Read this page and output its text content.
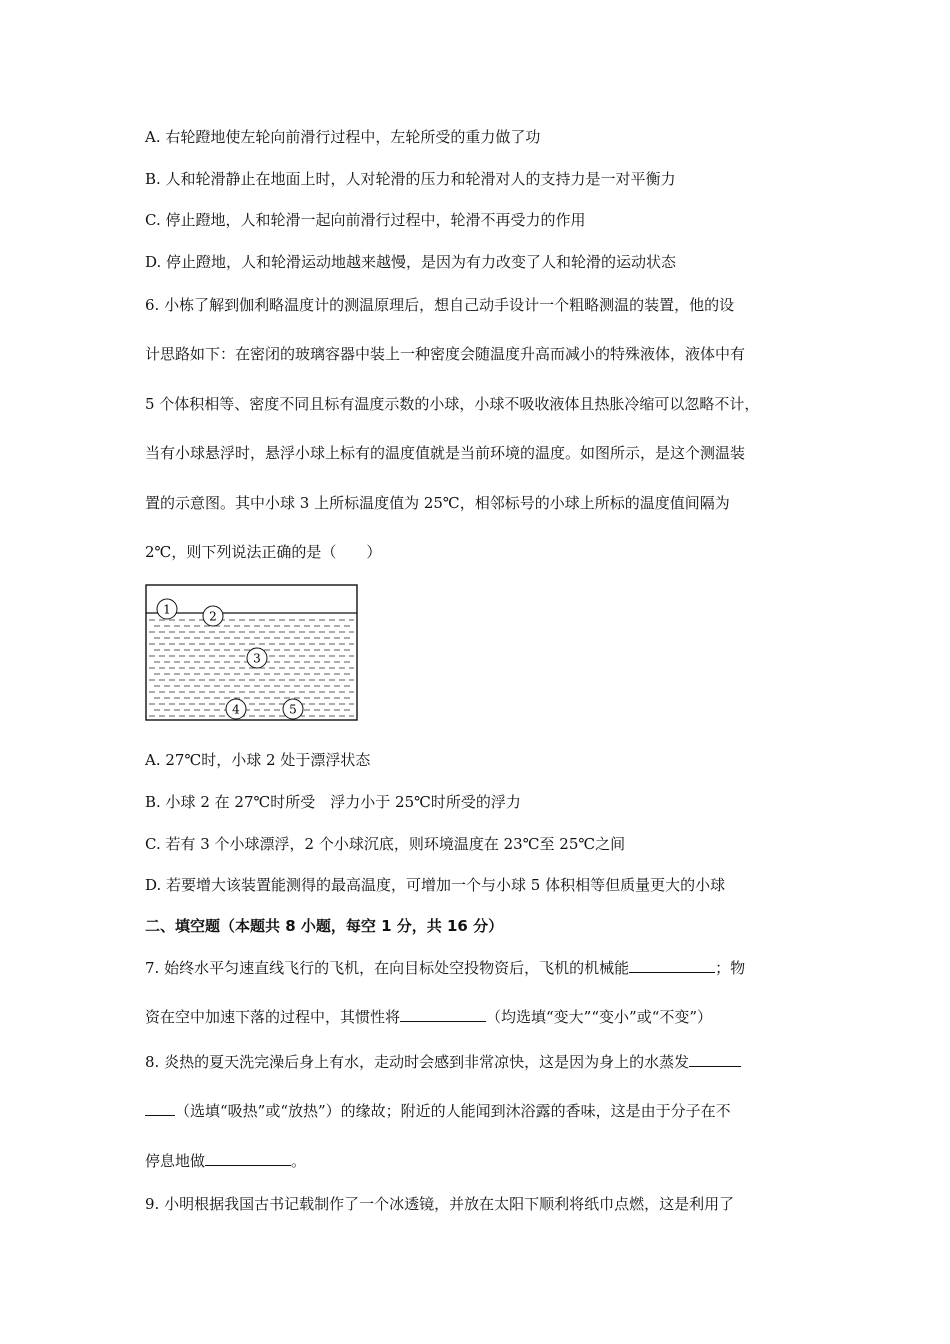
A. 右轮蹬地使左轮向前滑行过程中，左轮所受的重力做了功
B. 人和轮滑静止在地面上时，人对轮滑的压力和轮滑对人的支持力是一对平衡力
C. 停止蹬地，人和轮滑一起向前滑行过程中，轮滑不再受力的作用
D. 停止蹬地，人和轮滑运动地越来越慢，是因为有力改变了人和轮滑的运动状态
6. 小栋了解到伽利略温度计的测温原理后，想自己动手设计一个粗略测温的装置，他的设
计思路如下：在密闭的玻璃容器中装上一种密度会随温度升高而减小的特殊液体，液体中有
5 个体积相等、密度不同且标有温度示数的小球，小球不吸收液体且热胀冷缩可以忽略不计，
当有小球悬浮时，悬浮小球上标有的温度值就是当前环境的温度。如图所示，是这个测温装
置的示意图。其中小球 3 上所标温度值为 25℃，相邻标号的小球上所标的温度值间隔为
2℃，则下列说法正确的是（　　）
1	2
3
4	5
A. 27℃时，小球 2 处于漂浮状态
B. 小球 2 在 27℃时所受　浮力小于 25℃时所受的浮力
C. 若有 3 个小球漂浮，2 个小球沉底，则环境温度在 23℃至 25℃之间
D. 若要增大该装置能测得的最高温度，可增加一个与小球 5 体积相等但质量更大的小球
二、填空题（本题共 8 小题，每空 1 分，共 16 分）
7. 始终水平匀速直线飞行的飞机，在向目标处空投物资后，飞机的机械能	；物
资在空中加速下落的过程中，其惯性将	（均选填“变大”“变小”或“不变”）
8. 炎热的夏天洗完澡后身上有水，走动时会感到非常凉快，这是因为身上的水蒸发
（选填“吸热”或“放热”）的缘故；附近的人能闻到沐浴露的香味，这是由于分子在不
停息地做	。
9. 小明根据我国古书记载制作了一个冰透镜，并放在太阳下顺利将纸巾点燃，这是利用了
